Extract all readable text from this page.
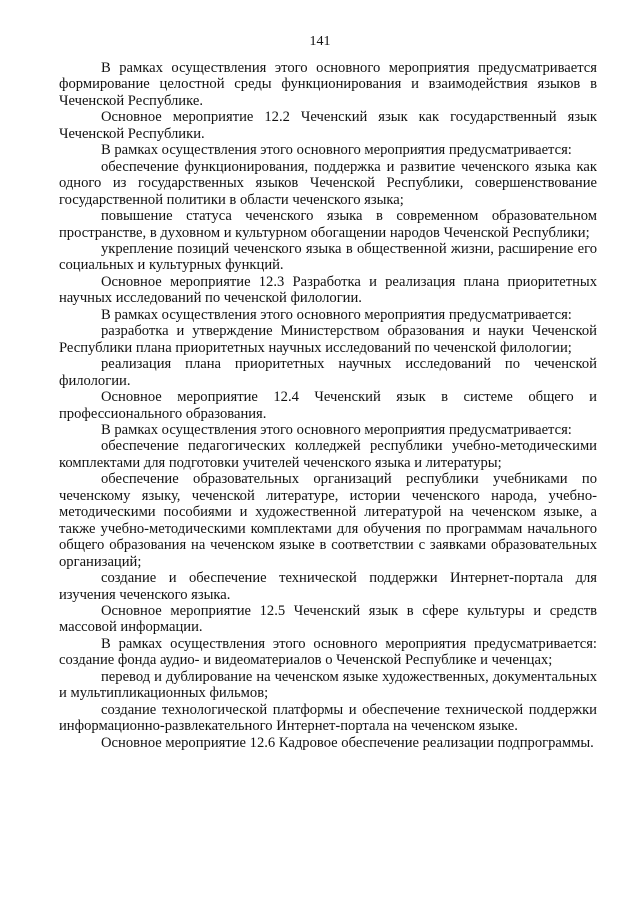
141

В рамках осуществления этого основного мероприятия предусматривается формирование целостной среды функционирования и взаимодействия языков в Чеченской Республике.

Основное мероприятие 12.2 Чеченский язык как государственный язык Чеченской Республики.

В рамках осуществления этого основного мероприятия предусматривается:

обеспечение функционирования, поддержка и развитие чеченского языка как одного из государственных языков Чеченской Республики, совершенствование государственной политики в области чеченского языка;

повышение статуса чеченского языка в современном образовательном пространстве, в духовном и культурном обогащении народов Чеченской Республики;

укрепление позиций чеченского языка в общественной жизни, расширение его социальных и культурных функций.

Основное мероприятие 12.3 Разработка и реализация плана приоритетных научных исследований по чеченской филологии.

В рамках осуществления этого основного мероприятия предусматривается:

разработка и утверждение Министерством образования и науки Чеченской Республики плана приоритетных научных исследований по чеченской филологии;

реализация плана приоритетных научных исследований по чеченской филологии.

Основное мероприятие 12.4 Чеченский язык в системе общего и профессионального образования.

В рамках осуществления этого основного мероприятия предусматривается:

обеспечение педагогических колледжей республики учебно-методическими комплектами для подготовки учителей чеченского языка и литературы;

обеспечение образовательных организаций республики учебниками по чеченскому языку, чеченской литературе, истории чеченского народа, учебно-методическими пособиями и художественной литературой на чеченском языке, а также учебно-методическими комплектами для обучения по программам начального общего образования на чеченском языке в соответствии с заявками образовательных организаций;

создание и обеспечение технической поддержки Интернет-портала для изучения чеченского языка.

Основное мероприятие 12.5 Чеченский язык в сфере культуры и средств массовой информации.

В рамках осуществления этого основного мероприятия предусматривается: создание фонда аудио- и видеоматериалов о Чеченской Республике и чеченцах;

перевод и дублирование на чеченском языке художественных, документальных и мультипликационных фильмов;

создание технологической платформы и обеспечение технической поддержки информационно-развлекательного Интернет-портала на чеченском языке.

Основное мероприятие 12.6 Кадровое обеспечение реализации подпрограммы.
